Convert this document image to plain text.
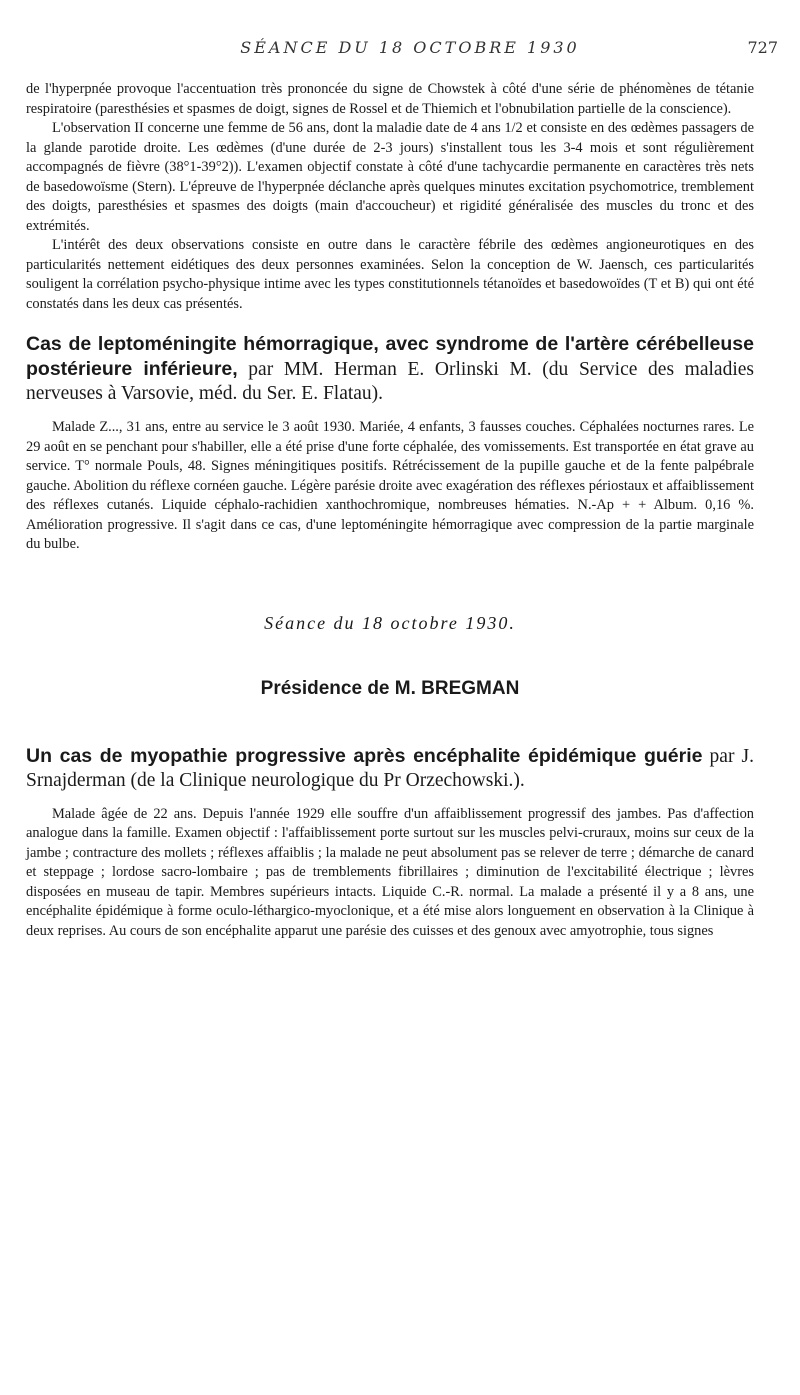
SÉANCE DU 18 OCTOBRE 1930	727

de l'hyperpnée provoque l'accentuation très prononcée du signe de Chowstek à côté d'une série de phénomènes de tétanie respiratoire (paresthésies et spasmes de doigt, signes de Rossel et de Thiemich et l'obnubilation partielle de la conscience).

L'observation II concerne une femme de 56 ans, dont la maladie date de 4 ans 1/2 et consiste en des œdèmes passagers de la glande parotide droite. Les œdèmes (d'une durée de 2-3 jours) s'installent tous les 3-4 mois et sont régulièrement accompagnés de fièvre (38°1-39°2)). L'examen objectif constate à côté d'une tachycardie permanente en caractères très nets de basedowoïsme (Stern). L'épreuve de l'hyperpnée déclanche après quelques minutes excitation psychomotrice, tremblement des doigts, paresthésies et spasmes des doigts (main d'accoucheur) et rigidité généralisée des muscles du tronc et des extrémités.

L'intérêt des deux observations consiste en outre dans le caractère fébrile des œdèmes angioneurotiques en des particularités nettement eidétiques des deux personnes examinées. Selon la conception de W. Jaensch, ces particularités souligent la corrélation psycho-physique intime avec les types constitutionnels tétanoïdes et basedowoïdes (T et B) qui ont été constatés dans les deux cas présentés.

Cas de leptoméningite hémorragique, avec syndrome de l'artère cérébelleuse postérieure inférieure, par MM. Herman E. Orlinski M. (du Service des maladies nerveuses à Varsovie, méd. du Ser. E. Flatau).

Malade Z..., 31 ans, entre au service le 3 août 1930. Mariée, 4 enfants, 3 fausses couches. Céphalées nocturnes rares. Le 29 août en se penchant pour s'habiller, elle a été prise d'une forte céphalée, des vomissements. Est transportée en état grave au service. T° normale Pouls, 48. Signes méningitiques positifs. Rétrécissement de la pupille gauche et de la fente palpébrale gauche. Abolition du réflexe cornéen gauche. Légère parésie droite avec exagération des réflexes périostaux et affaiblissement des réflexes cutanés. Liquide céphalo-rachidien xanthochromique, nombreuses hématies. N.-Ap + + Album. 0,16 %. Amélioration progressive. Il s'agit dans ce cas, d'une leptoméningite hémorragique avec compression de la partie marginale du bulbe.

Séance du 18 octobre 1930.
Présidence de M. BREGMAN
Un cas de myopathie progressive après encéphalite épidémique guérie par J. Srnajderman (de la Clinique neurologique du Pr Orzechowski.).

Malade âgée de 22 ans. Depuis l'année 1929 elle souffre d'un affaiblissement progressif des jambes. Pas d'affection analogue dans la famille. Examen objectif : l'affaiblissement porte surtout sur les muscles pelvi-cruraux, moins sur ceux de la jambe ; contracture des mollets ; réflexes affaiblis ; la malade ne peut absolument pas se relever de terre ; démarche de canard et steppage ; lordose sacro-lombaire ; pas de tremblements fibrillaires ; diminution de l'excitabilité électrique ; lèvres disposées en museau de tapir. Membres supérieurs intacts. Liquide C.-R. normal. La malade a présenté il y a 8 ans, une encéphalite épidémique à forme oculo-léthargico-myoclonique, et a été mise alors longuement en observation à la Clinique à deux reprises. Au cours de son encéphalite apparut une parésie des cuisses et des genoux avec amyotrophie, tous signes
